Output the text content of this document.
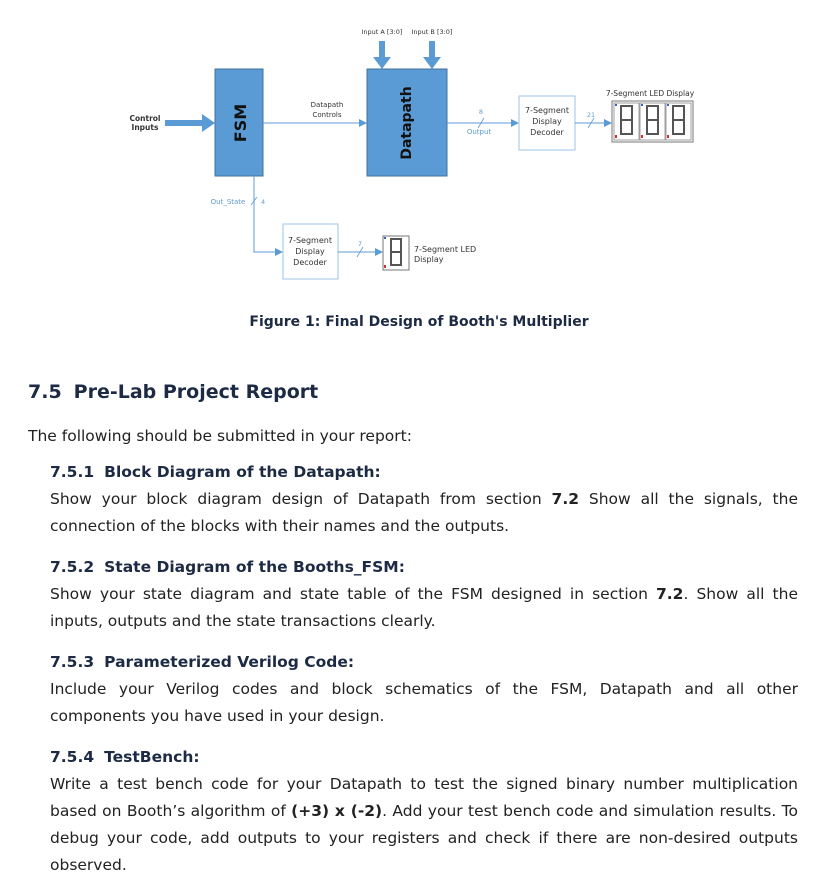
Control
Inputs	FSM	Datapath
Controls
Input A [3:0] Input B [3:0]
Datapath	8
Output
7-Segment
Display
Decoder
21
7-Segment LED Display
Out_State 4
7-Segment
Display
Decoder
7
7-Segment LED
Display
Figure 1: Final Design of Booth's Multiplier
7.5 Pre-Lab Project Report
The following should be submitted in your report:
7.5.1 Block Diagram of the Datapath:

Show your block diagram design of Datapath from section 7.2 Show all the signals, the connection of the blocks with their names and the outputs.

7.5.2 State Diagram of the Booths_FSM:

Show your state diagram and state table of the FSM designed in section 7.2. Show all the inputs, outputs and the state transactions clearly.

7.5.3 Parameterized Verilog Code:

Include your Verilog codes and block schematics of the FSM, Datapath and all other components you have used in your design.

7.5.4 TestBench:

Write a test bench code for your Datapath to test the signed binary number multiplication based on Booth’s algorithm of (+3) x (-2). Add your test bench code and simulation results. To debug your code, add outputs to your registers and check if there are non-desired outputs observed.
